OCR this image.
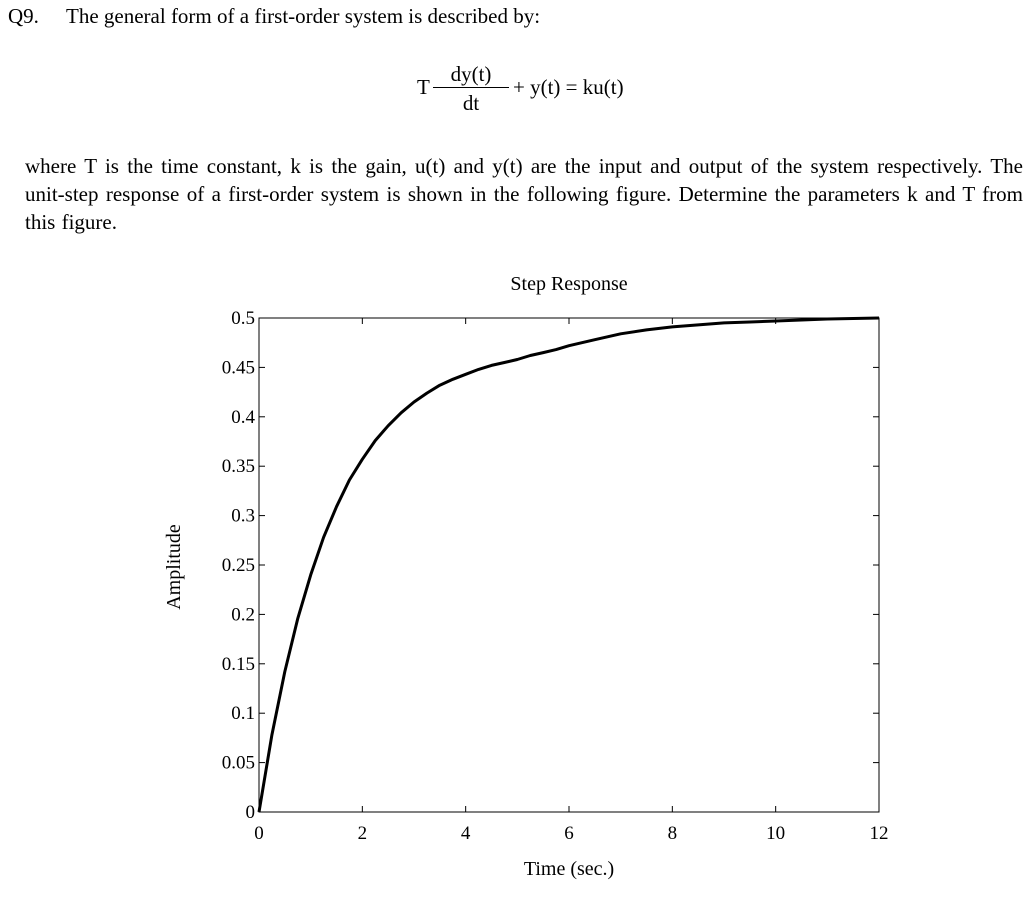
Q9. The general form of a first-order system is described by:
T
dy(t)
dt
+ y(t) = ku(t)
where T is the time constant, k is the gain, u(t) and y(t) are the input and output of the system respectively. The unit-step response of a first-order system is shown in the following figure. Determine the parameters k and T from this figure.
0	2	4	6	8	10	12
0
0.05
0.1
0.15
0.2
0.25
0.3
0.35
0.4
0.45
0.5
Step Response
Time (sec.)
Amplitude
